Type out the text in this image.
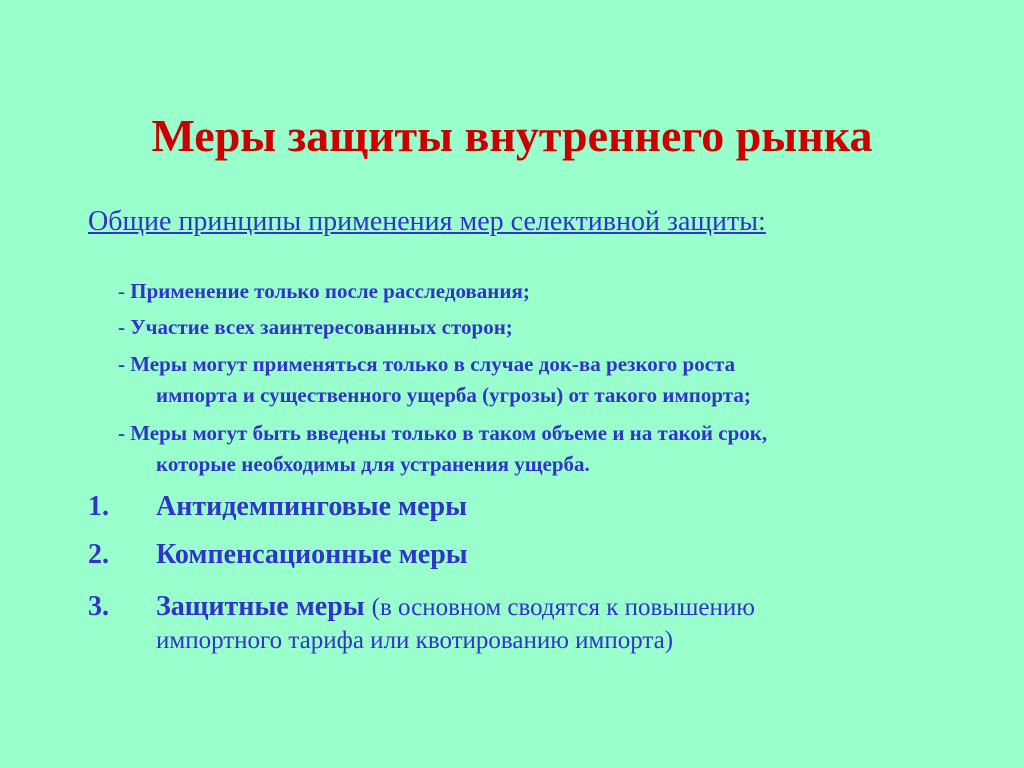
Меры защиты внутреннего рынка
Общие принципы применения мер селективной защиты:
- Применение только после расследования;
- Участие всех заинтересованных сторон;
- Меры могут применяться только в случае док-ва резкого роста
импорта и существенного ущерба (угрозы) от такого импорта;
- Меры могут быть введены только в таком объеме и на такой срок,
которые необходимы для устранения ущерба.
1. Антидемпинговые меры
2. Компенсационные меры
3. Защитные меры (в основном сводятся к повышению
импортного тарифа или квотированию импорта)
